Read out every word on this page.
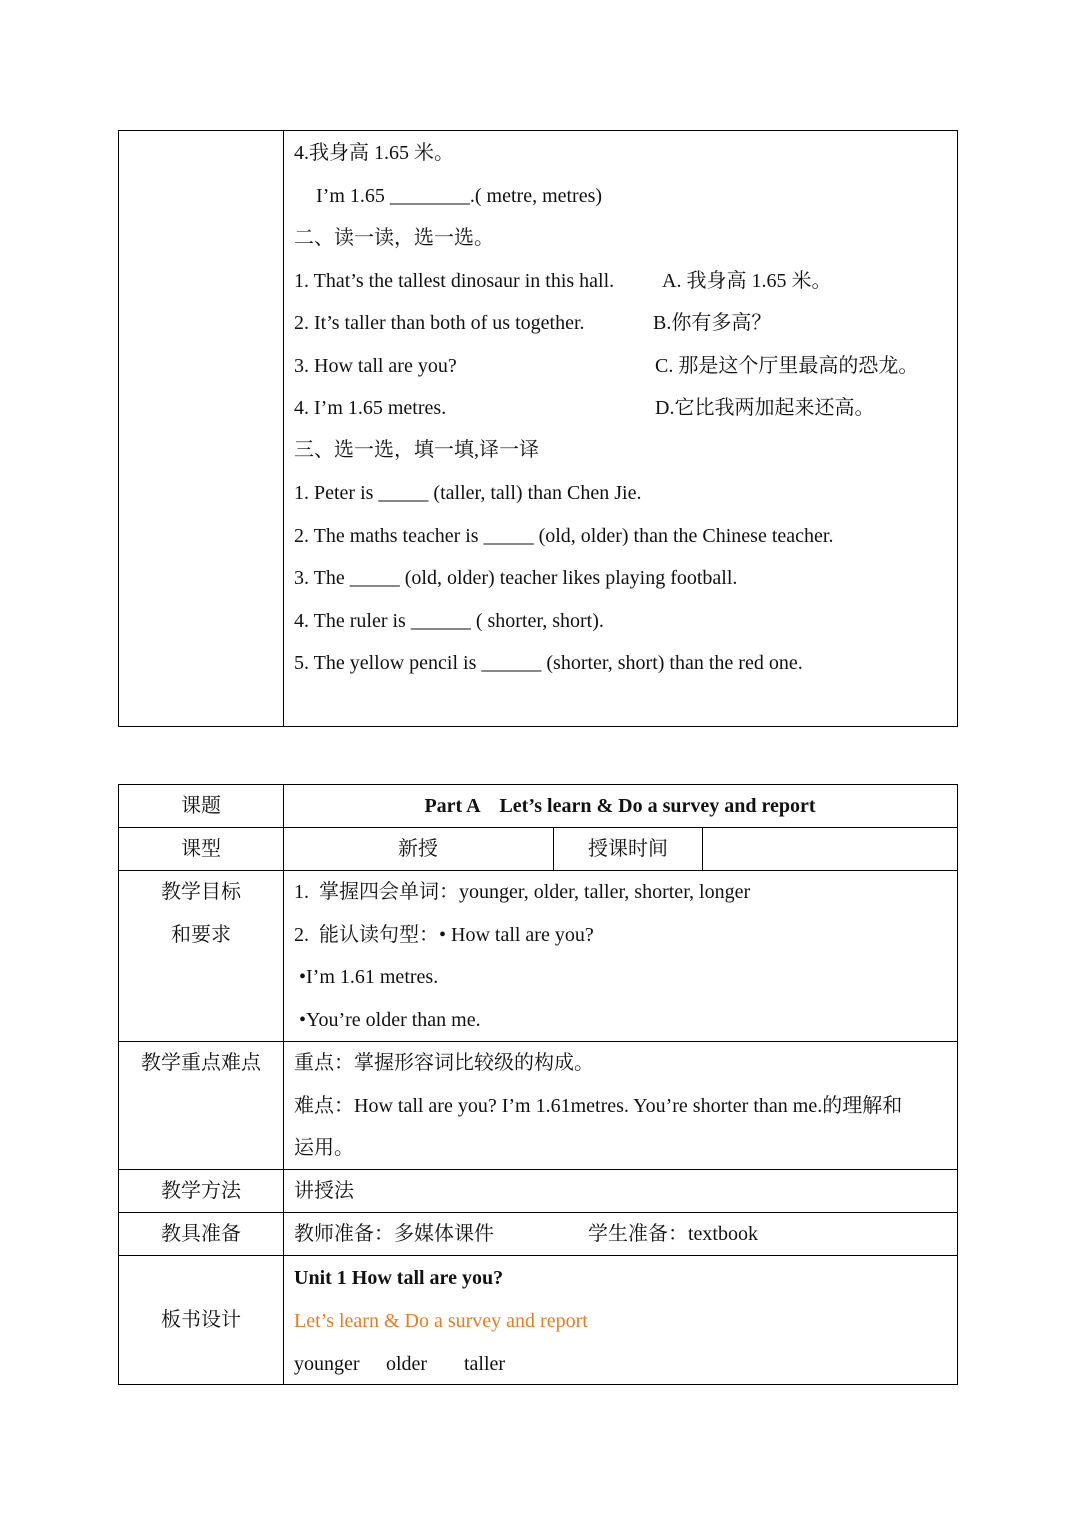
4.我身高 1.65 米。
I’m 1.65 ________.( metre, metres)
二、读一读，选一选。
1. That’s the tallest dinosaur in this hall. A. 我身高 1.65 米。
2. It’s taller than both of us together.	B.你有多高？
3. How tall are you?	C. 那是这个厅里最高的恐龙。
4. I’m 1.65 metres.	D.它比我两加起来还高。
三、选一选，填一填,译一译
1. Peter is _____ (taller, tall) than Chen Jie.
2. The maths teacher is _____ (old, older) than the Chinese teacher.
3. The _____ (old, older) teacher likes playing football.
4. The ruler is ______ ( shorter, short).
5. The yellow pencil is ______ (shorter, short) than the red one.
课题	Part A    Let’s learn & Do a survey and report
课型	新授	授课时间
教学目标
和要求
1.  掌握四会单词：younger, older, taller, shorter, longer
2.  能认读句型：• How tall are you?
•I’m 1.61 metres.
•You’re older than me.
教学重点难点 重点：掌握形容词比较级的构成。
难点：How tall are you? I’m 1.61metres. You’re shorter than me.的理解和
运用。
教学方法	讲授法
教具准备	教师准备：多媒体课件	学生准备：textbook
板书设计
Unit 1 How tall are you?
Let’s learn & Do a survey and report
younger older taller
